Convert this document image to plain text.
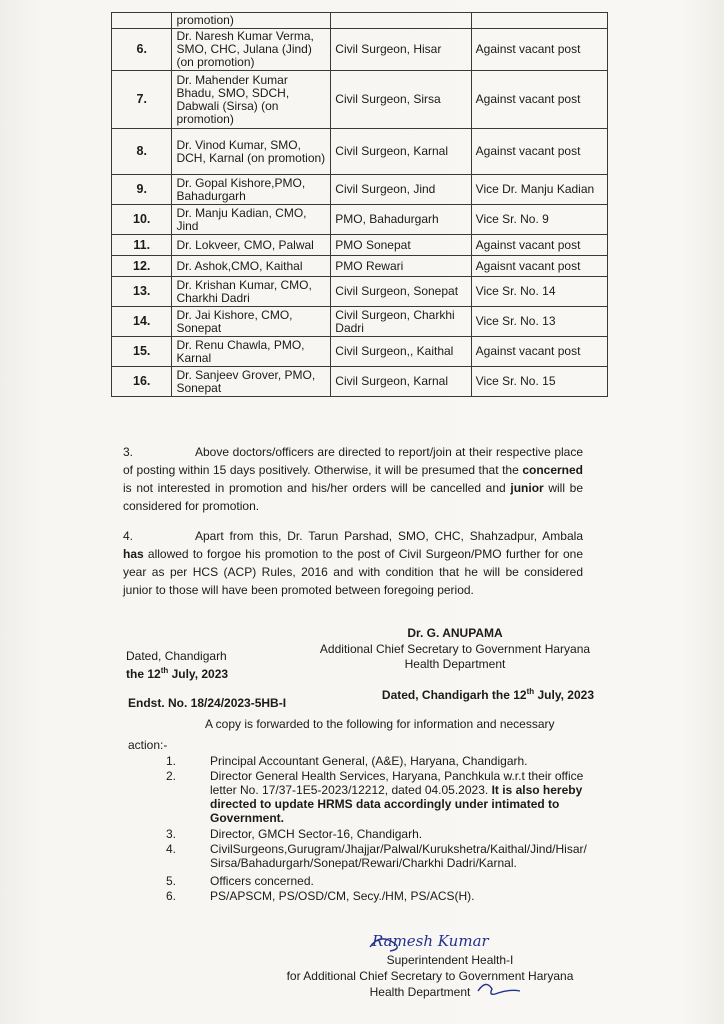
	promotion)		
6.	Dr. Naresh Kumar Verma, SMO, CHC, Julana (Jind) (on promotion)	Civil Surgeon, Hisar	Against vacant post
7.	Dr. Mahender Kumar Bhadu, SMO, SDCH, Dabwali (Sirsa) (on promotion)	Civil Surgeon, Sirsa	Against vacant post
8.	Dr. Vinod Kumar, SMO, DCH, Karnal (on promotion)	Civil Surgeon, Karnal	Against vacant post
9.	Dr. Gopal Kishore,PMO, Bahadurgarh	Civil Surgeon, Jind	Vice Dr. Manju Kadian
10.	Dr. Manju Kadian, CMO, Jind	PMO, Bahadurgarh	Vice Sr. No. 9
11.	Dr. Lokveer, CMO, Palwal	PMO Sonepat	Against vacant post
12.	Dr. Ashok,CMO, Kaithal	PMO Rewari	Agaisnt vacant post
13.	Dr. Krishan Kumar, CMO, Charkhi Dadri	Civil Surgeon, Sonepat	Vice Sr. No. 14
14.	Dr. Jai Kishore, CMO, Sonepat	Civil Surgeon, Charkhi Dadri	Vice Sr. No. 13
15.	Dr. Renu Chawla, PMO, Karnal	Civil Surgeon,, Kaithal	Against vacant post
16.	Dr. Sanjeev Grover, PMO, Sonepat	Civil Surgeon, Karnal	Vice Sr. No. 15
3.	Above doctors/officers are directed to report/join at their respective place of posting within 15 days positively. Otherwise, it will be presumed that the concerned is not interested in promotion and his/her orders will be cancelled and junior will be considered for promotion.
4.	Apart from this, Dr. Tarun Parshad, SMO, CHC, Shahzadpur, Ambala has allowed to forgoe his promotion to the post of Civil Surgeon/PMO further for one year as per HCS (ACP) Rules, 2016 and with condition that he will be considered junior to those will have been promoted between foregoing period.
Dr. G. ANUPAMA
Additional Chief Secretary to Government Haryana
Health Department
Dated, Chandigarh
the 12th July, 2023
Endst. No. 18/24/2023-5HB-I
Dated, Chandigarh the 12th July, 2023
A copy is forwarded to the following for information and necessary
action:-
1.	Principal Accountant General, (A&E), Haryana, Chandigarh.
2.	Director General Health Services, Haryana, Panchkula w.r.t their office letter No. 17/37-1E5-2023/12212, dated 04.05.2023. It is also hereby directed to update HRMS data accordingly under intimated to Government.
3.	Director, GMCH Sector-16, Chandigarh.
4.	CivilSurgeons,Gurugram/Jhajjar/Palwal/Kurukshetra/Kaithal/Jind/Hisar/ Sirsa/Bahadurgarh/Sonepat/Rewari/Charkhi Dadri/Karnal.
5.	Officers concerned.
6.	PS/APSCM, PS/OSD/CM, Secy./HM, PS/ACS(H).
Ramesh Kumar
Superintendent Health-I
for Additional Chief Secretary to Government Haryana
Health Department
